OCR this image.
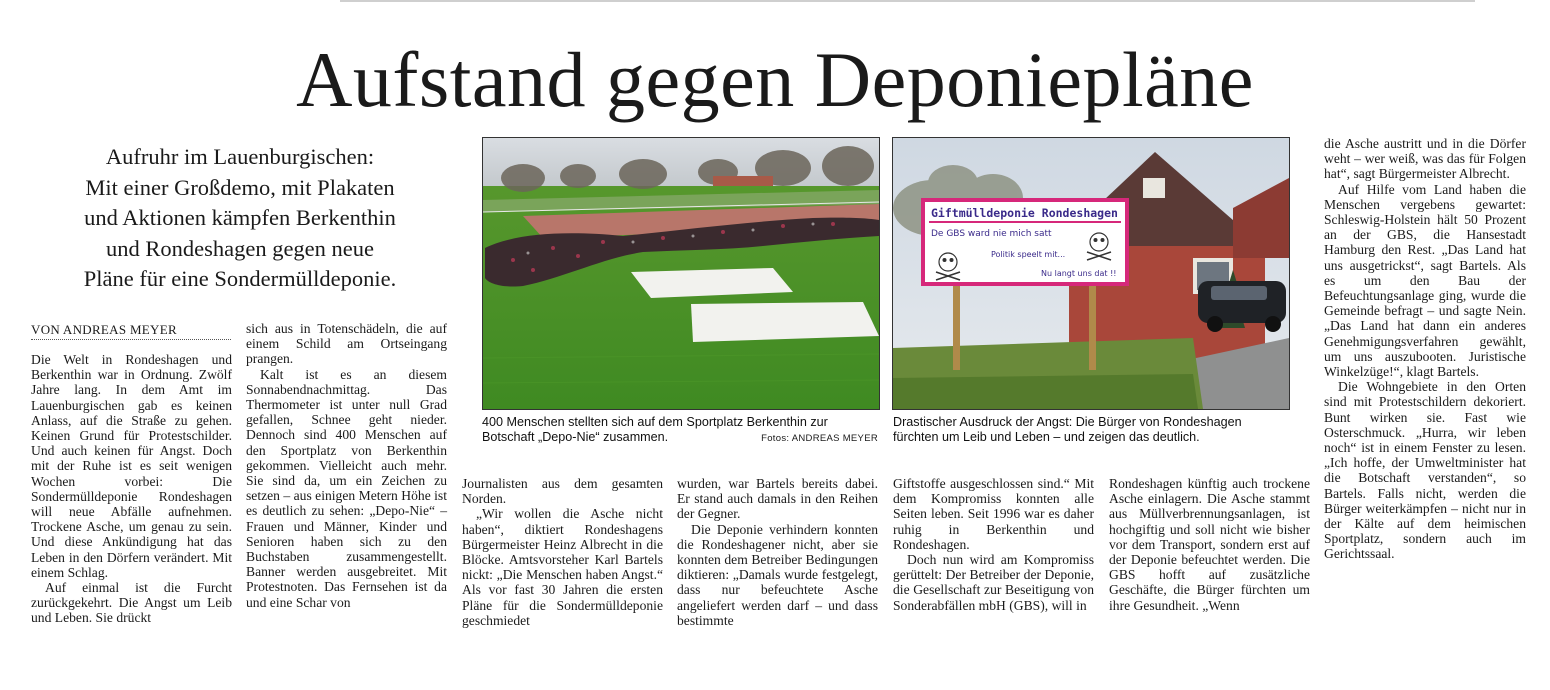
Aufstand gegen Deponiepläne
Aufruhr im Lauenburgischen:
Mit einer Großdemo, mit Plakaten
und Aktionen kämpfen Berkenthin
und Rondeshagen gegen neue
Pläne für eine Sondermülldeponie.
VON ANDREAS MEYER
400 Menschen stellten sich auf dem Sportplatz Berkenthin zur Botschaft „Depo-Nie“ zusammen.	Fotos: ANDREAS MEYER
Giftmülldeponie Rondeshagen
De GBS ward nie mich satt
Politik speelt mit...
Nu langt uns dat !!
Drastischer Ausdruck der Angst: Die Bürger von Rondeshagen fürchten um Leib und Leben – und zeigen das deutlich.

Die Welt in Rondeshagen und Berkenthin war in Ordnung. Zwölf Jahre lang. In dem Amt im Lauenburgischen gab es keinen Anlass, auf die Straße zu gehen. Keinen Grund für Protestschilder. Und auch keinen für Angst. Doch mit der Ruhe ist es seit wenigen Wochen vorbei: Die Sondermülldeponie Rondeshagen will neue Abfälle aufnehmen. Trockene Asche, um genau zu sein. Und diese Ankündigung hat das Leben in den Dörfern verändert. Mit einem Schlag.

Auf einmal ist die Furcht zurückgekehrt. Die Angst um Leib und Leben. Sie drückt

sich aus in Totenschädeln, die auf einem Schild am Ortseingang prangen.

Kalt ist es an diesem Sonnabendnachmittag. Das Thermometer ist unter null Grad gefallen, Schnee geht nieder. Dennoch sind 400 Menschen auf den Sportplatz von Berkenthin gekommen. Vielleicht auch mehr. Sie sind da, um ein Zeichen zu setzen – aus einigen Metern Höhe ist es deutlich zu sehen: „Depo-Nie“ – Frauen und Männer, Kinder und Senioren haben sich zu den Buchstaben zusammengestellt. Banner werden ausgebreitet. Mit Protestnoten. Das Fernsehen ist da und eine Schar von

Journalisten aus dem gesamten Norden.

„Wir wollen die Asche nicht haben“, diktiert Rondeshagens Bürgermeister Heinz Albrecht in die Blöcke. Amtsvorsteher Karl Bartels nickt: „Die Menschen haben Angst.“ Als vor fast 30 Jahren die ersten Pläne für die Sondermülldeponie geschmiedet

wurden, war Bartels bereits dabei. Er stand auch damals in den Reihen der Gegner.

Die Deponie verhindern konnten die Rondeshagener nicht, aber sie konnten dem Betreiber Bedingungen diktieren: „Damals wurde festgelegt, dass nur befeuchtete Asche angeliefert werden darf – und dass bestimmte

Giftstoffe ausgeschlossen sind.“ Mit dem Kompromiss konnten alle Seiten leben. Seit 1996 war es daher ruhig in Berkenthin und Rondeshagen.

Doch nun wird am Kompromiss gerüttelt: Der Betreiber der Deponie, die Gesellschaft zur Beseitigung von Sonderabfällen mbH (GBS), will in

Rondeshagen künftig auch trockene Asche einlagern. Die Asche stammt aus Müllverbrennungsanlagen, ist hochgiftig und soll nicht wie bisher vor dem Transport, sondern erst auf der Deponie befeuchtet werden. Die GBS hofft auf zusätzliche Geschäfte, die Bürger fürchten um ihre Gesundheit. „Wenn

die Asche austritt und in die Dörfer weht – wer weiß, was das für Folgen hat“, sagt Bürgermeister Albrecht.

Auf Hilfe vom Land haben die Menschen vergebens gewartet: Schleswig-Holstein hält 50 Prozent an der GBS, die Hansestadt Hamburg den Rest. „Das Land hat uns ausgetrickst“, sagt Bartels. Als es um den Bau der Befeuchtungsanlage ging, wurde die Gemeinde befragt – und sagte Nein. „Das Land hat dann ein anderes Genehmigungsverfahren gewählt, um uns auszubooten. Juristische Winkelzüge!“, klagt Bartels.

Die Wohngebiete in den Orten sind mit Protestschildern dekoriert. Bunt wirken sie. Fast wie Osterschmuck. „Hurra, wir leben noch“ ist in einem Fenster zu lesen. „Ich hoffe, der Umweltminister hat die Botschaft verstanden“, so Bartels. Falls nicht, werden die Bürger weiterkämpfen – nicht nur in der Kälte auf dem heimischen Sportplatz, sondern auch im Gerichtssaal.
